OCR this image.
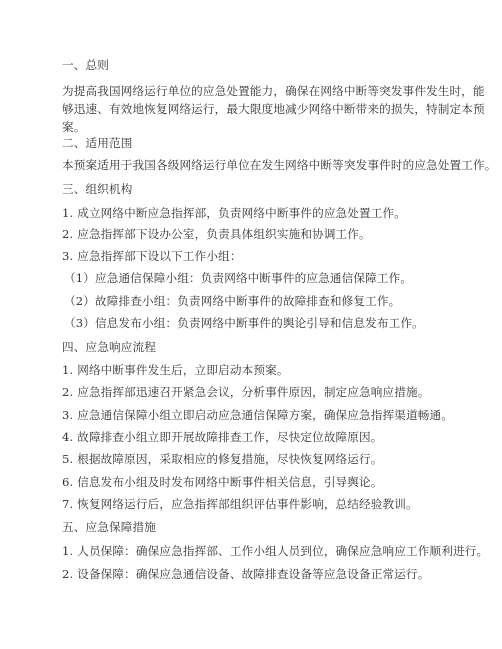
一、总则
为提高我国网络运行单位的应急处置能力，确保在网络中断等突发事件发生时，能
够迅速、有效地恢复网络运行，最大限度地减少网络中断带来的损失，特制定本预
案。
二、适用范围
本预案适用于我国各级网络运行单位在发生网络中断等突发事件时的应急处置工作。
三、组织机构
1. 成立网络中断应急指挥部，负责网络中断事件的应急处置工作。
2. 应急指挥部下设办公室，负责具体组织实施和协调工作。
3. 应急指挥部下设以下工作小组：
（1）应急通信保障小组：负责网络中断事件的应急通信保障工作。
（2）故障排查小组：负责网络中断事件的故障排查和修复工作。
（3）信息发布小组：负责网络中断事件的舆论引导和信息发布工作。
四、应急响应流程
1. 网络中断事件发生后，立即启动本预案。
2. 应急指挥部迅速召开紧急会议，分析事件原因，制定应急响应措施。
3. 应急通信保障小组立即启动应急通信保障方案，确保应急指挥渠道畅通。
4. 故障排查小组立即开展故障排查工作，尽快定位故障原因。
5. 根据故障原因，采取相应的修复措施，尽快恢复网络运行。
6. 信息发布小组及时发布网络中断事件相关信息，引导舆论。
7. 恢复网络运行后，应急指挥部组织评估事件影响，总结经验教训。
五、应急保障措施
1. 人员保障：确保应急指挥部、工作小组人员到位，确保应急响应工作顺利进行。
2. 设备保障：确保应急通信设备、故障排查设备等应急设备正常运行。
